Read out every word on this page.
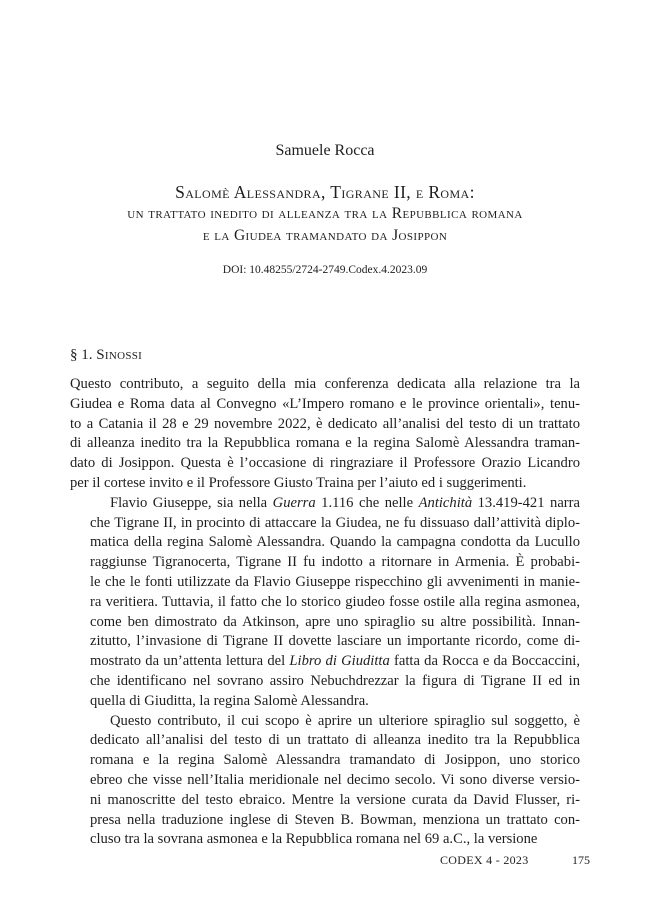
Samuele Rocca
Salomè Alessandra, Tigrane II, e Roma:
un trattato inedito di alleanza tra la Repubblica romana
e la Giudea tramandato da Josippon
DOI: 10.48255/2724-2749.Codex.4.2023.09
§ 1. Sinossi

Questo contributo, a seguito della mia conferenza dedicata alla relazione tra la
Giudea e Roma data al Convegno «L’Impero romano e le province orientali», tenu-
to a Catania il 28 e 29 novembre 2022, è dedicato all’analisi del testo di un trattato
di alleanza inedito tra la Repubblica romana e la regina Salomè Alessandra traman-
dato di Josippon. Questa è l’occasione di ringraziare il Professore Orazio Licandro
per il cortese invito e il Professore Giusto Traina per l’aiuto ed i suggerimenti.

Flavio Giuseppe, sia nella Guerra 1.116 che nelle Antichità 13.419-421 narra
che Tigrane II, in procinto di attaccare la Giudea, ne fu dissuaso dall’attività diplo-
matica della regina Salomè Alessandra. Quando la campagna condotta da Lucullo
raggiunse Tigranocerta, Tigrane II fu indotto a ritornare in Armenia. È probabi-
le che le fonti utilizzate da Flavio Giuseppe rispecchino gli avvenimenti in manie-
ra veritiera. Tuttavia, il fatto che lo storico giudeo fosse ostile alla regina asmonea,
come ben dimostrato da Atkinson, apre uno spiraglio su altre possibilità. Innan-
zitutto, l’invasione di Tigrane II dovette lasciare un importante ricordo, come di-
mostrato da un’attenta lettura del Libro di Giuditta fatta da Rocca e da Boccaccini,
che identificano nel sovrano assiro Nebuchdrezzar la figura di Tigrane II ed in
quella di Giuditta, la regina Salomè Alessandra.

Questo contributo, il cui scopo è aprire un ulteriore spiraglio sul soggetto, è
dedicato all’analisi del testo di un trattato di alleanza inedito tra la Repubblica
romana e la regina Salomè Alessandra tramandato di Josippon, uno storico
ebreo che visse nell’Italia meridionale nel decimo secolo. Vi sono diverse versio-
ni manoscritte del testo ebraico. Mentre la versione curata da David Flusser, ri-
presa nella traduzione inglese di Steven B. Bowman, menziona un trattato con-
cluso tra la sovrana asmonea e la Repubblica romana nel 69 a.C., la versione

CODEX 4 - 2023	175
